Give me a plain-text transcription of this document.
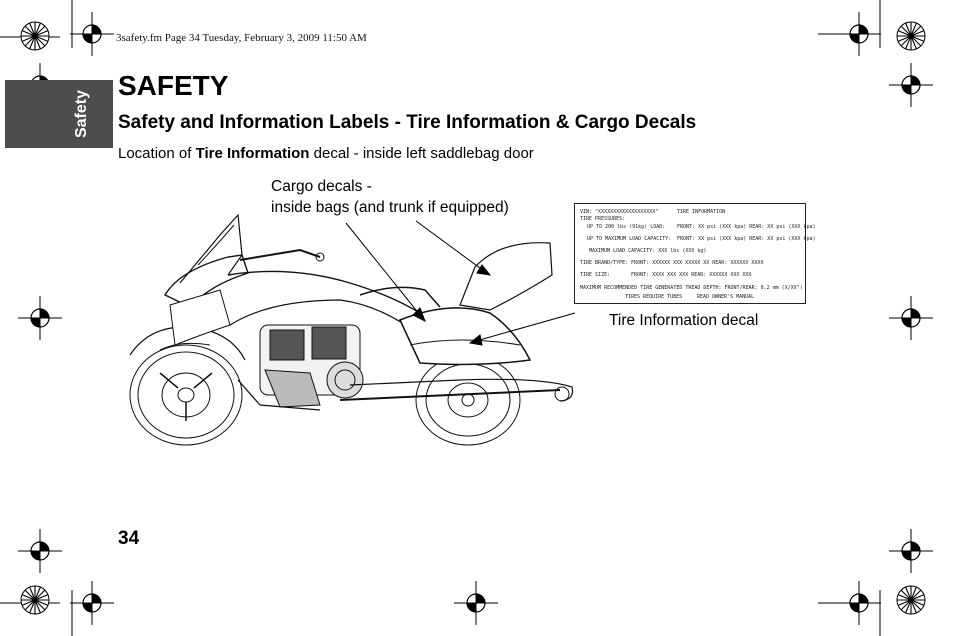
3safety.fm Page 34 Tuesday, February 3, 2009 11:50 AM
Safety
SAFETY
Safety and Information Labels - Tire Information & Cargo Decals
Location of Tire Information decal - inside left saddlebag door
Cargo decals -
inside bags (and trunk if equipped)
Tire Information decal
VIN: "XXXXXXXXXXXXXXXXXXX"	TIRE INFORMATION
TIRE PRESSURES:
UP TO 200 lbs (91kg) LOAD: FRONT: XX psi (XXX kpa) REAR: XX psi (XXX kpa)
UP TO MAXIMUM LOAD CAPACITY: FRONT: XX psi (XXX kpa) REAR: XX psi (XXX kpa)
MAXIMUM LOAD CAPACITY: XXX lbs (XXX kg)
TIRE BRAND/TYPE: FRONT: XXXXXX XXX XXXXX XX REAR: XXXXXX XXXX
TIRE SIZE:	FRONT: XXXX XXX XXX REAR: XXXXXX XXX XXX
MAXIMUM RECOMMENDED TIRE GENERATED TREAD DEPTH: FRONT/REAR: 0.2 mm (X/XX")
TIRES REQUIRE TUBES	READ OWNER'S MANUAL
34
